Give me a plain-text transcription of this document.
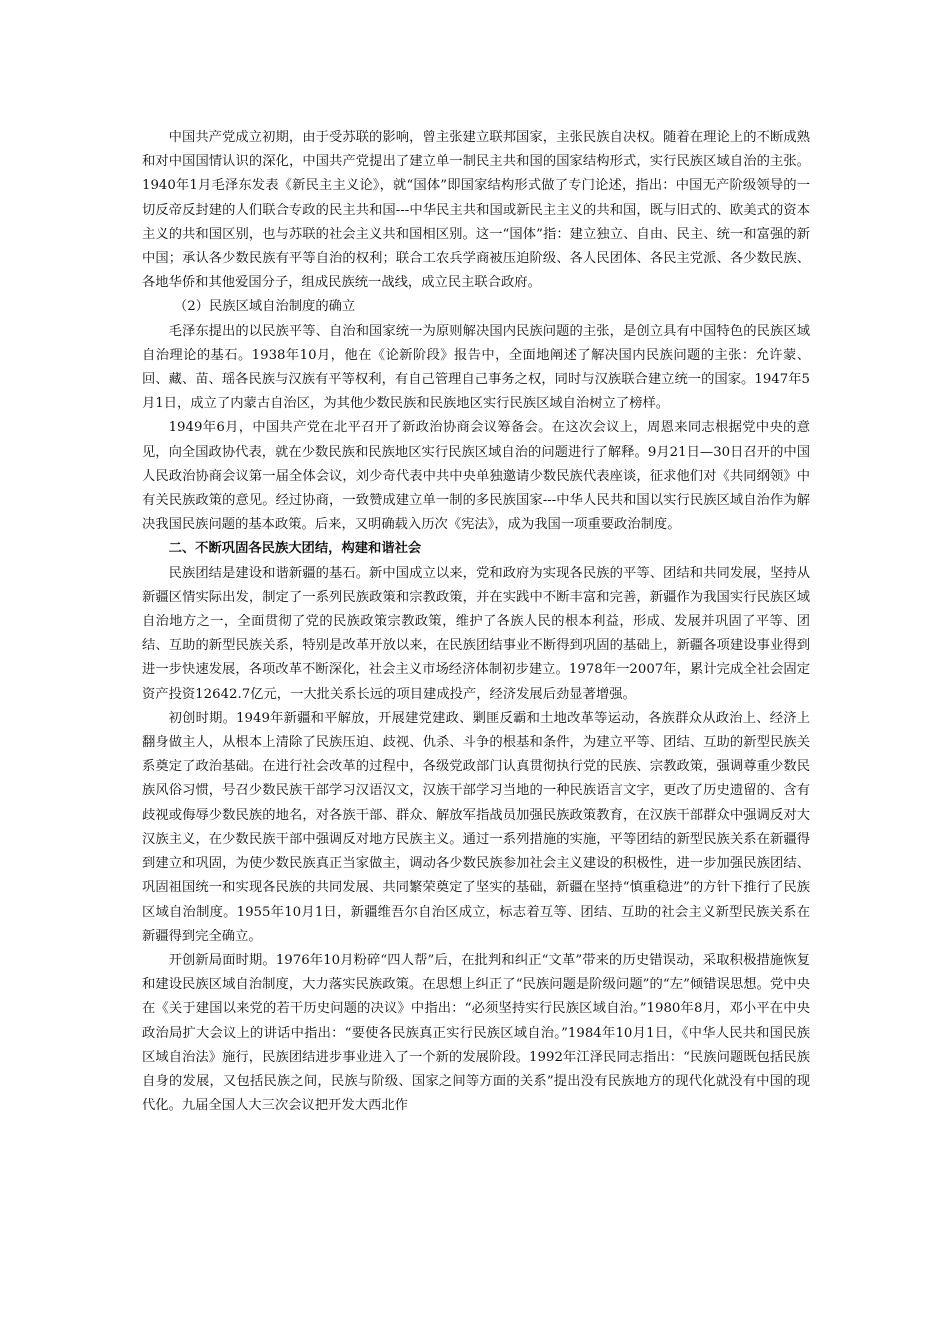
中国共产党成立初期，由于受苏联的影响，曾主张建立联邦国家，主张民族自决权。随着在理论上的不断成熟和对中国国情认识的深化，中国共产党提出了建立单一制民主共和国的国家结构形式，实行民族区域自治的主张。1940年1月毛泽东发表《新民主主义论》，就“国体”即国家结构形式做了专门论述，指出：中国无产阶级领导的一切反帝反封建的人们联合专政的民主共和国---中华民主共和国或新民主主义的共和国，既与旧式的、欧美式的资本主义的共和国区别，也与苏联的社会主义共和国相区别。这一“国体”指：建立独立、自由、民主、统一和富强的新中国；承认各少数民族有平等自治的权利；联合工农兵学商被压迫阶级、各人民团体、各民主党派、各少数民族、各地华侨和其他爱国分子，组成民族统一战线，成立民主联合政府。

（2）民族区域自治制度的确立

毛泽东提出的以民族平等、自治和国家统一为原则解决国内民族问题的主张，是创立具有中国特色的民族区域自治理论的基石。1938年10月，他在《论新阶段》报告中，全面地阐述了解决国内民族问题的主张：允许蒙、回、藏、苗、瑶各民族与汉族有平等权利，有自己管理自己事务之权，同时与汉族联合建立统一的国家。1947年5月1日，成立了内蒙古自治区，为其他少数民族和民族地区实行民族区域自治树立了榜样。

1949年6月，中国共产党在北平召开了新政治协商会议筹备会。在这次会议上，周恩来同志根据党中央的意见，向全国政协代表，就在少数民族和民族地区实行民族区域自治的问题进行了解释。9月21日—30日召开的中国人民政治协商会议第一届全体会议，刘少奇代表中共中央单独邀请少数民族代表座谈，征求他们对《共同纲领》中有关民族政策的意见。经过协商，一致赞成建立单一制的多民族国家---中华人民共和国以实行民族区域自治作为解决我国民族问题的基本政策。后来，又明确载入历次《宪法》，成为我国一项重要政治制度。

二、不断巩固各民族大团结，构建和谐社会

民族团结是建设和谐新疆的基石。新中国成立以来，党和政府为实现各民族的平等、团结和共同发展，坚持从新疆区情实际出发，制定了一系列民族政策和宗教政策，并在实践中不断丰富和完善，新疆作为我国实行民族区域自治地方之一，全面贯彻了党的民族政策宗教政策，维护了各族人民的根本利益，形成、发展并巩固了平等、团结、互助的新型民族关系，特别是改革开放以来，在民族团结事业不断得到巩固的基础上，新疆各项建设事业得到进一步快速发展，各项改革不断深化，社会主义市场经济体制初步建立。1978年一2007年，累计完成全社会固定资产投资12642.7亿元，一大批关系长远的项目建成投产，经济发展后劲显著增强。

初创时期。1949年新疆和平解放，开展建党建政、剿匪反霸和土地改革等运动，各族群众从政治上、经济上翻身做主人，从根本上清除了民族压迫、歧视、仇杀、斗争的根基和条件，为建立平等、团结、互助的新型民族关系奠定了政治基础。在进行社会改革的过程中，各级党政部门认真贯彻执行党的民族、宗教政策，强调尊重少数民族风俗习惯，号召少数民族干部学习汉语汉文，汉族干部学习当地的一种民族语言文字，更改了历史遗留的、含有歧视或侮辱少数民族的地名，对各族干部、群众、解放军指战员加强民族政策教育，在汉族干部群众中强调反对大汉族主义，在少数民族干部中强调反对地方民族主义。通过一系列措施的实施，平等团结的新型民族关系在新疆得到建立和巩固，为使少数民族真正当家做主，调动各少数民族参加社会主义建设的积极性，进一步加强民族团结、巩固祖国统一和实现各民族的共同发展、共同繁荣奠定了坚实的基础，新疆在坚持“慎重稳进”的方针下推行了民族区域自治制度。1955年10月1日，新疆维吾尔自治区成立，标志着互等、团结、互助的社会主义新型民族关系在新疆得到完全确立。

开创新局面时期。1976年10月粉碎“四人帮”后，在批判和纠正“文革”带来的历史错误动，采取积极措施恢复和建设民族区域自治制度，大力落实民族政策。在思想上纠正了“民族问题是阶级问题”的“左”倾错误思想。党中央在《关于建国以来党的若干历史问题的决议》中指出：“必须坚持实行民族区域自治。”1980年8月，邓小平在中央政治局扩大会议上的讲话中指出：“要使各民族真正实行民族区域自治。”1984年10月1日，《中华人民共和国民族区域自治法》施行，民族团结进步事业进入了一个新的发展阶段。1992年江泽民同志指出：“民族问题既包括民族自身的发展，又包括民族之间，民族与阶级、国家之间等方面的关系”提出没有民族地方的现代化就没有中国的现代化。九届全国人大三次会议把开发大西北作
